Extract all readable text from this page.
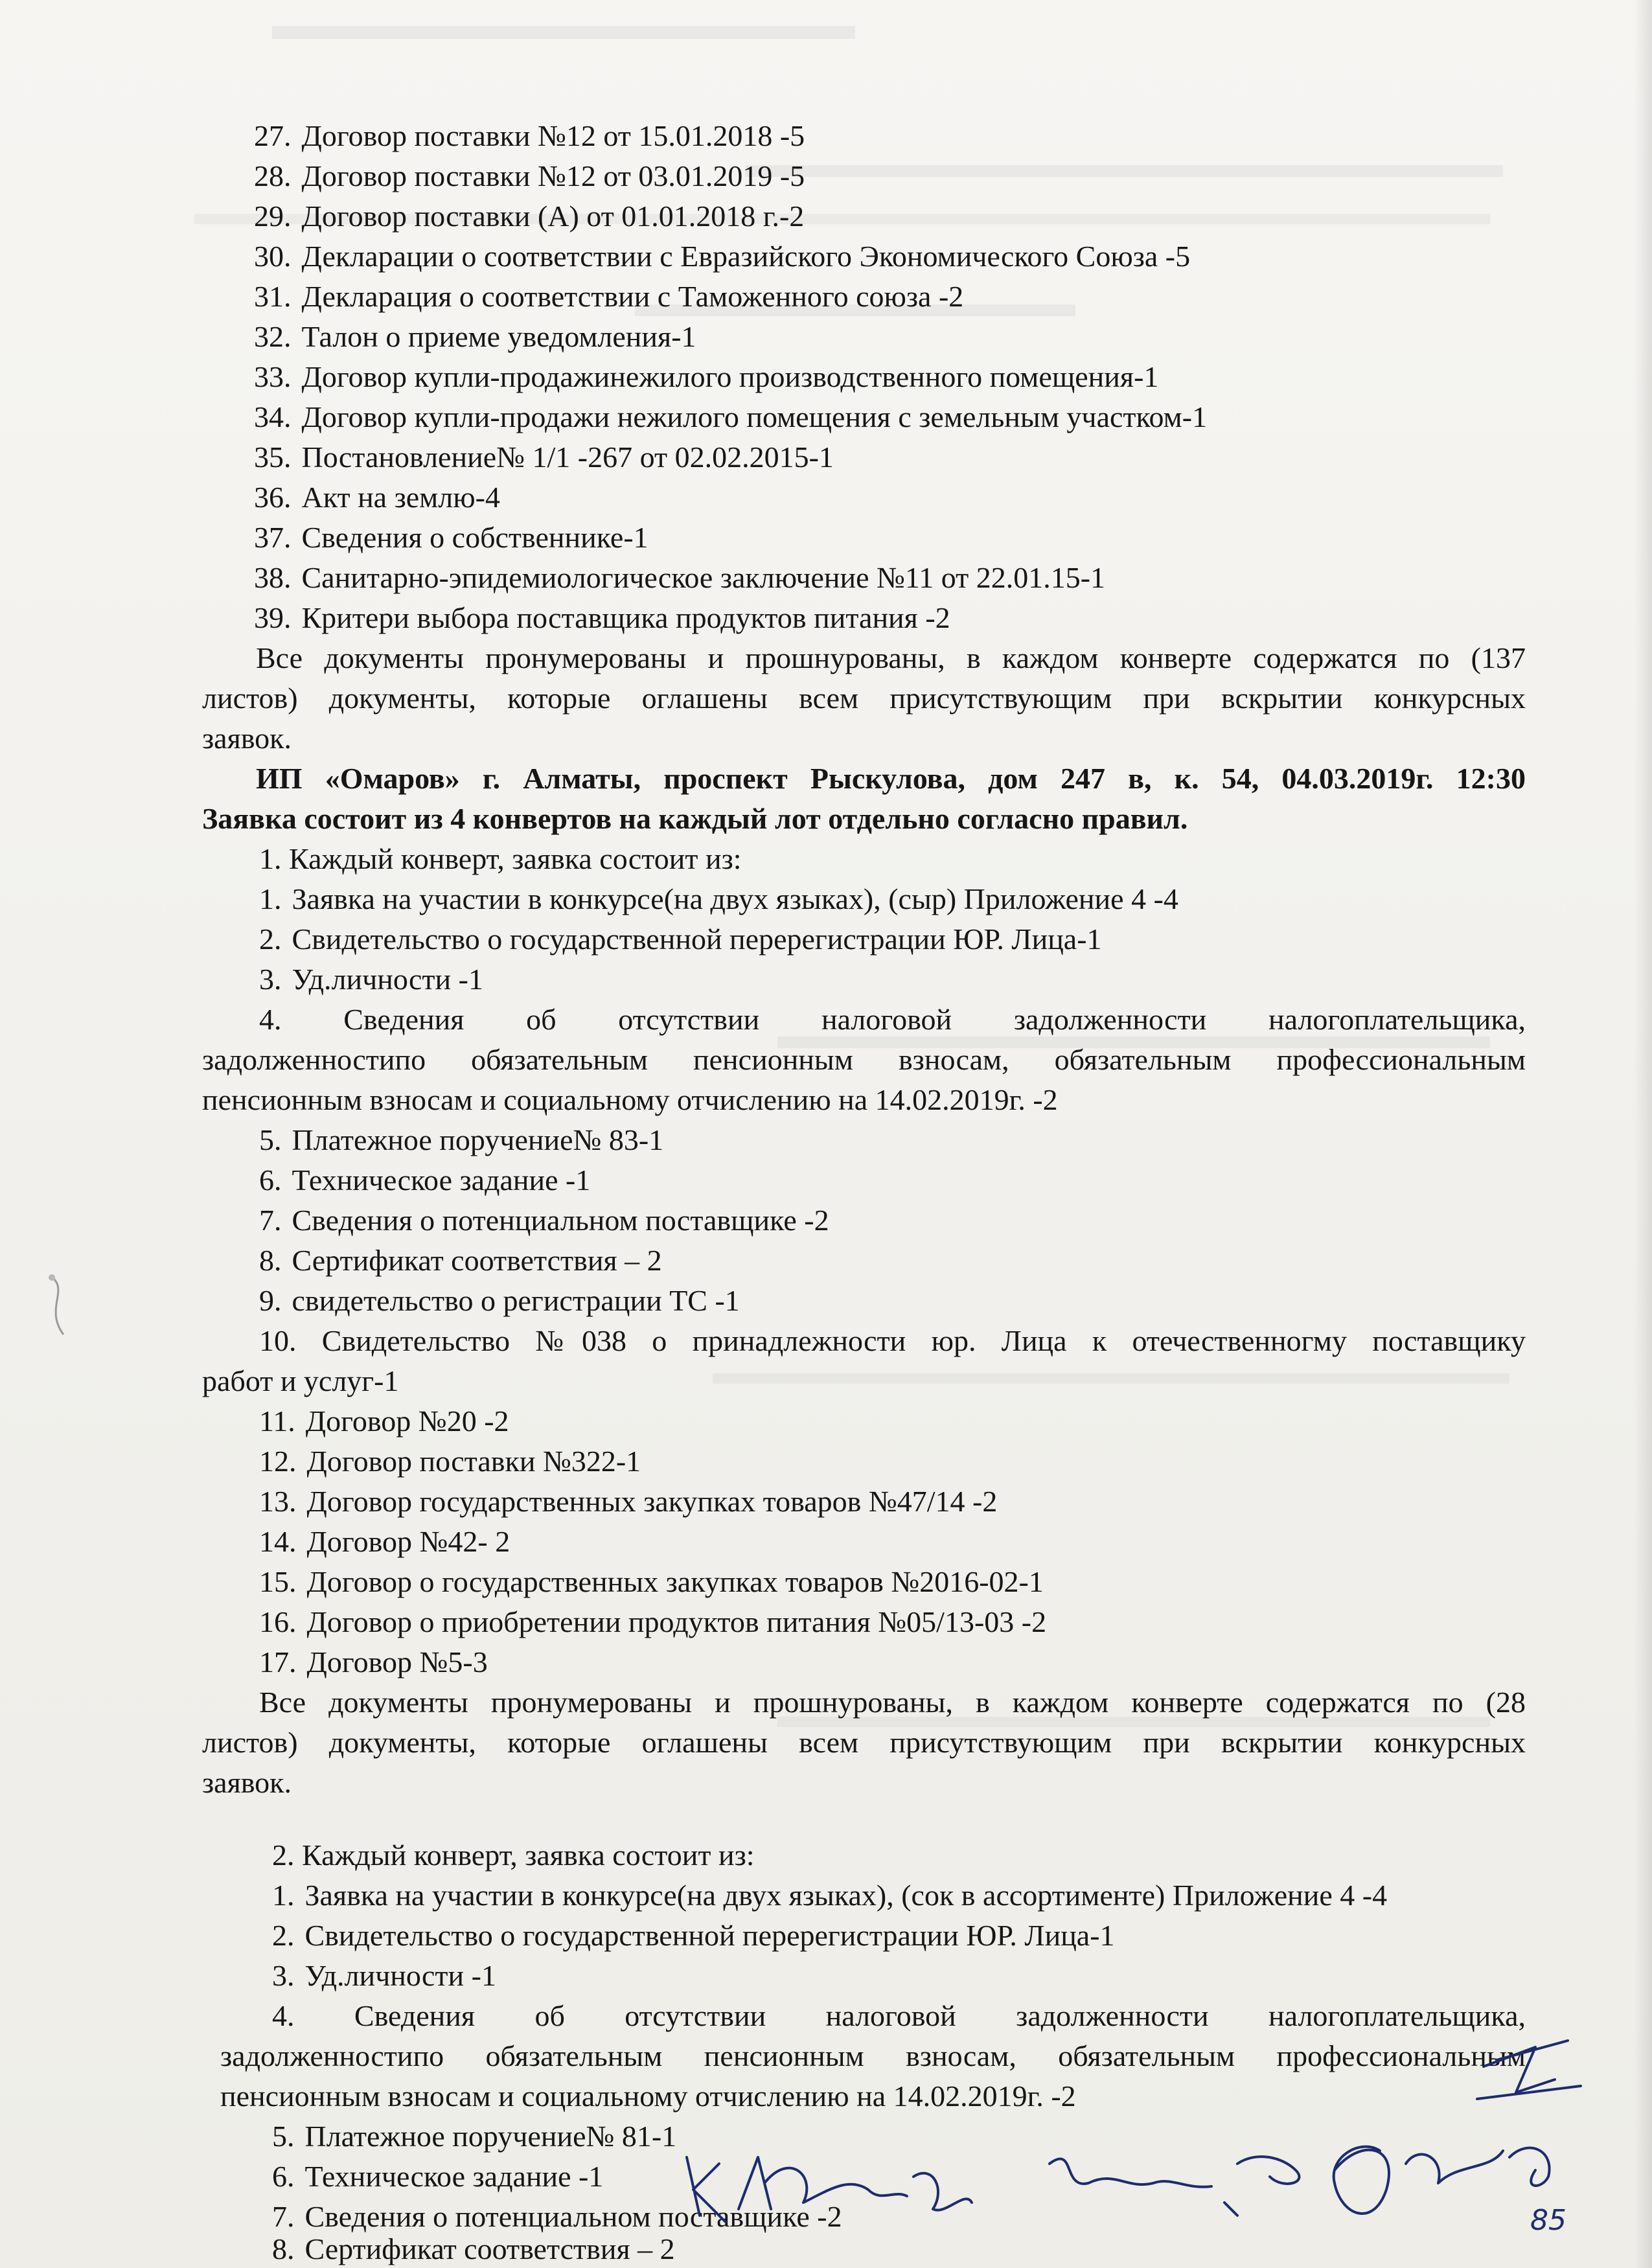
27. Договор поставки №12 от 15.01.2018 -5
28. Договор поставки №12 от 03.01.2019 -5
29. Договор поставки (А) от 01.01.2018 г.-2
30. Декларации о соответствии с Евразийского Экономического Союза -5
31. Декларация о соответствии с Таможенного союза -2
32. Талон о приеме уведомления-1
33. Договор купли-продажинежилого производственного помещения-1
34. Договор купли-продажи нежилого помещения с земельным участком-1
35. Постановление№ 1/1 -267 от 02.02.2015-1
36. Акт на землю-4
37. Сведения о собственнике-1
38. Санитарно-эпидемиологическое заключение №11 от 22.01.15-1
39. Критери выбора поставщика продуктов питания -2
Все документы пронумерованы и прошнурованы, в каждом конверте содержатся по (137
листов) документы, которые оглашены всем присутствующим при вскрытии конкурсных
заявок.
ИП «Омаров» г. Алматы, проспект Рыскулова, дом 247 в, к. 54, 04.03.2019г. 12:30
Заявка состоит из 4 конвертов на каждый лот отдельно согласно правил.
1. Каждый конверт, заявка состоит из:
1. Заявка на участии в конкурсе(на двух языках), (сыр) Приложение 4 -4
2. Свидетельство о государственной перерегистрации ЮР. Лица-1
3. Уд.личности -1
4. Сведения об отсутствии налоговой задолженности налогоплательщика,
задолженностипо обязательным пенсионным взносам, обязательным профессиональным
пенсионным взносам и социальному отчислению на 14.02.2019г. -2
5. Платежное поручение№ 83-1
6. Техническое задание -1
7. Сведения о потенциальном поставщике -2
8. Сертификат соответствия – 2
9. свидетельство о регистрации ТС -1
10. Свидетельство №038 о принадлежности юр. Лица к отечественногму поставщику
работ и услуг-1
11. Договор №20 -2
12. Договор поставки №322-1
13. Договор государственных закупках товаров №47/14 -2
14. Договор №42- 2
15. Договор о государственных закупках товаров №2016-02-1
16. Договор о приобретении продуктов питания №05/13-03 -2
17. Договор №5-3
Все документы пронумерованы и прошнурованы, в каждом конверте содержатся по (28
листов) документы, которые оглашены всем присутствующим при вскрытии конкурсных
заявок.
2. Каждый конверт, заявка состоит из:
1. Заявка на участии в конкурсе(на двух языках), (сок в ассортименте) Приложение 4 -4
2. Свидетельство о государственной перерегистрации ЮР. Лица-1
3. Уд.личности -1
4. Сведения об отсутствии налоговой задолженности налогоплательщика,
задолженностипо обязательным пенсионным взносам, обязательным профессиональным
пенсионным взносам и социальному отчислению на 14.02.2019г. -2
5. Платежное поручение№ 81-1
6. Техническое задание -1
7. Сведения о потенциальном поставщике -2
8. Сертификат соответствия – 2
85
